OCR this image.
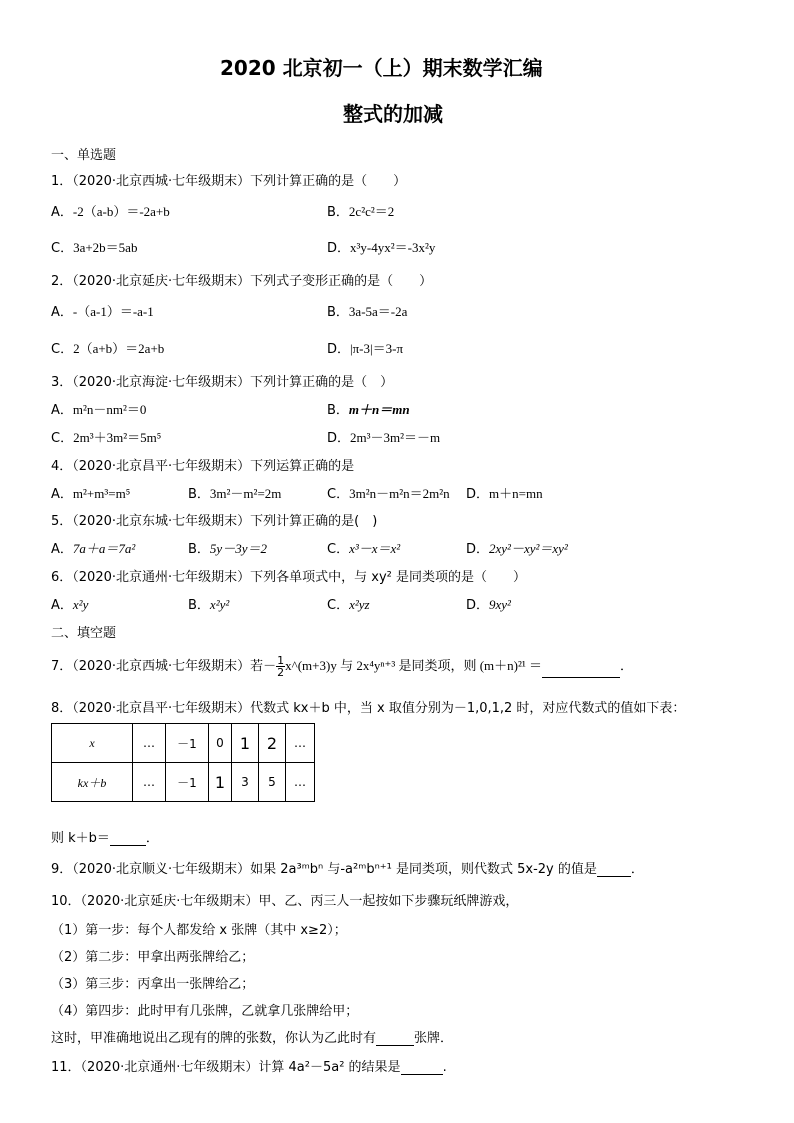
2020 北京初一（上）期末数学汇编
整式的加减
一、单选题
1．（2020·北京西城·七年级期末）下列计算正确的是（　　）
A．-2（a-b）＝-2a+b	B．2c²c²＝2
C．3a+2b＝5ab	D．x³y-4yx²＝-3x²y
2．（2020·北京延庆·七年级期末）下列式子变形正确的是（　　）
A．-（a-1）＝-a-1	B．3a-5a＝-2a
C．2（a+b）＝2a+b	D．|π-3|＝3-π
3．（2020·北京海淀·七年级期末）下列计算正确的是（　）
A．m²n－nm²＝0	B．m＋n＝mn
C．2m³＋3m²＝5m⁵	D．2m³－3m²＝－m
4．（2020·北京昌平·七年级期末）下列运算正确的是
A．m²+m³=m⁵	B．3m²－m²=2m	C．3m²n－m²n＝2m²n D．m＋n=mn
5．（2020·北京东城·七年级期末）下列计算正确的是(　)
A．7a＋a＝7a²	B．5y－3y＝2	C．x³－x＝x²	D．2xy²－xy²＝xy²
6．（2020·北京通州·七年级期末）下列各单项式中，与 xy² 是同类项的是（　　）
A．x²y	B．x²y²	C．x²yz	D．9xy²
二、填空题
7．（2020·北京西城·七年级期末）若－ $\frac{1}{2}$ x^(m+3)y 与 2x⁴yⁿ⁺³ 是同类项，则 (m＋n)²¹ ＝	．
8．（2020·北京昌平·七年级期末）代数式 kx＋b 中，当 x 取值分别为－1,0,1,2 时，对应代数式的值如下表：
x	…	－1	0	1	2	…
kx＋b	…	－1	1	3	5	…
则 k＋b＝	．
9．（2020·北京顺义·七年级期末）如果 2a³ᵐbⁿ 与-a²ᵐbⁿ⁺¹ 是同类项，则代数式 5x-2y 的值是	．
10．（2020·北京延庆·七年级期末）甲、乙、丙三人一起按如下步骤玩纸牌游戏，
（1）第一步：每个人都发给 x 张牌（其中 x≥2）；
（2）第二步：甲拿出两张牌给乙；
（3）第三步：丙拿出一张牌给乙；
（4）第四步：此时甲有几张牌，乙就拿几张牌给甲；
这时，甲准确地说出乙现有的牌的张数，你认为乙此时有	张牌．
11．（2020·北京通州·七年级期末）计算 4a²－5a² 的结果是	.
